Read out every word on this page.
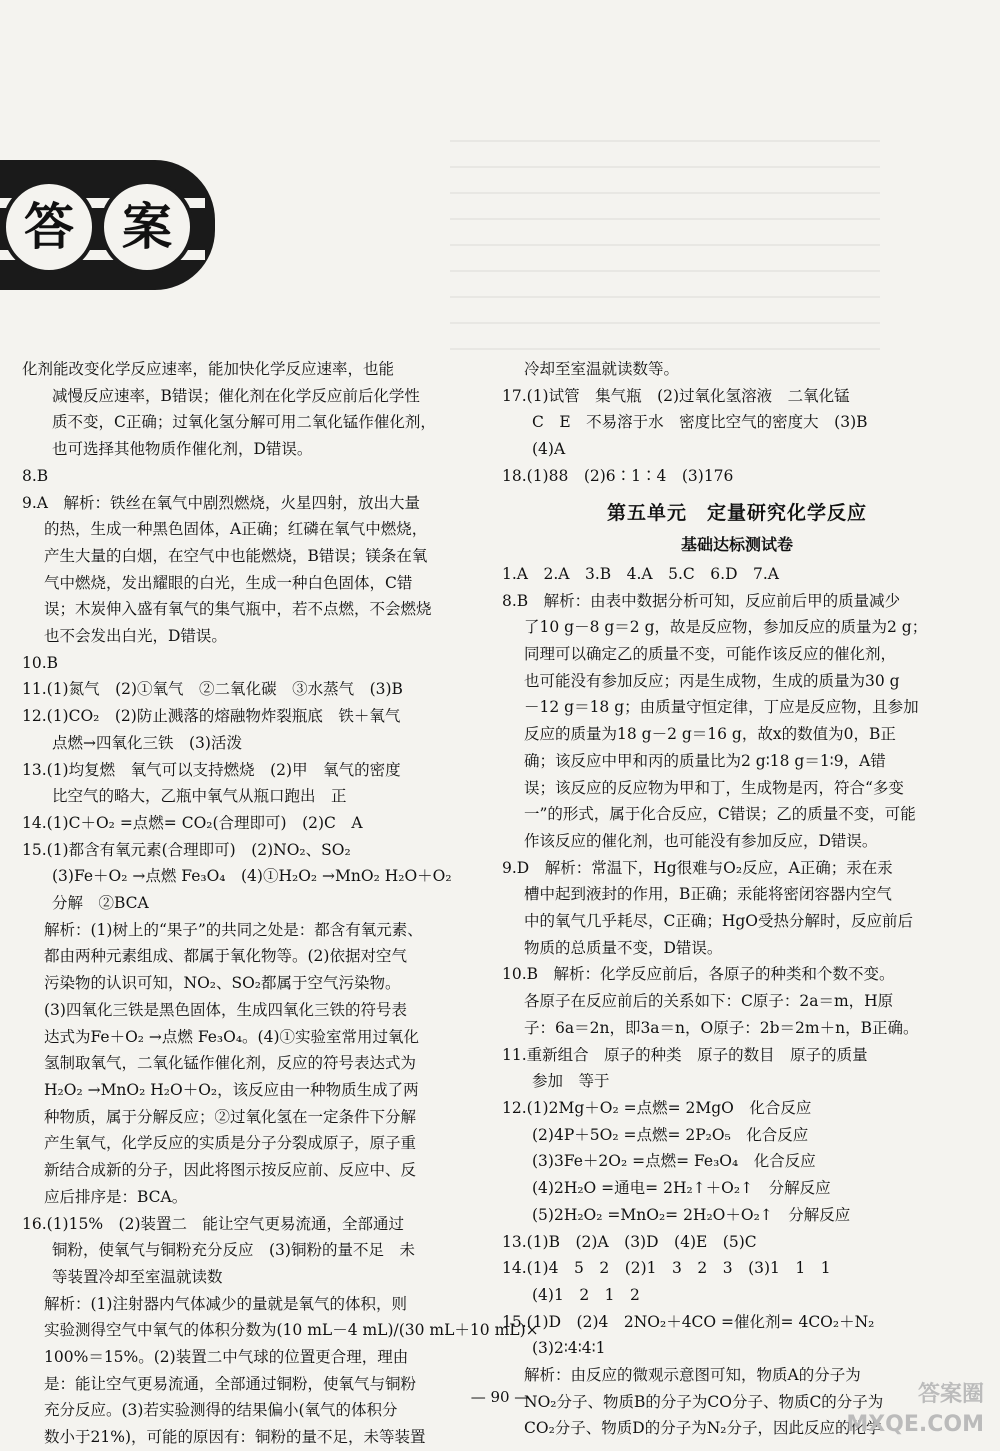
答 案
化剂能改变化学反应速率，能加快化学反应速率，也能
减慢反应速率，B错误；催化剂在化学反应前后化学性
质不变，C正确；过氧化氢分解可用二氧化锰作催化剂，
也可选择其他物质作催化剂，D错误。
8.B
9.A　解析：铁丝在氧气中剧烈燃烧，火星四射，放出大量
的热，生成一种黑色固体，A正确；红磷在氧气中燃烧，
产生大量的白烟，在空气中也能燃烧，B错误；镁条在氧
气中燃烧，发出耀眼的白光，生成一种白色固体，C错
误；木炭伸入盛有氧气的集气瓶中，若不点燃，不会燃烧
也不会发出白光，D错误。
10.B
11.(1)氮气　(2)①氧气　②二氧化碳　③水蒸气　(3)B
12.(1)CO₂　(2)防止溅落的熔融物炸裂瓶底　铁＋氧气
点燃→四氧化三铁　(3)活泼
13.(1)均复燃　氧气可以支持燃烧　(2)甲　氧气的密度
比空气的略大，乙瓶中氧气从瓶口跑出　正
14.(1)C＋O₂ =点燃= CO₂(合理即可)　(2)C　A
15.(1)都含有氧元素(合理即可)　(2)NO₂、SO₂
(3)Fe＋O₂ →点燃 Fe₃O₄　(4)①H₂O₂ →MnO₂ H₂O＋O₂
分解　②BCA
解析：(1)树上的“果子”的共同之处是：都含有氧元素、
都由两种元素组成、都属于氧化物等。(2)依据对空气
污染物的认识可知，NO₂、SO₂都属于空气污染物。
(3)四氧化三铁是黑色固体，生成四氧化三铁的符号表
达式为Fe＋O₂ →点燃 Fe₃O₄。(4)①实验室常用过氧化
氢制取氧气，二氧化锰作催化剂，反应的符号表达式为
H₂O₂ →MnO₂ H₂O＋O₂，该反应由一种物质生成了两
种物质，属于分解反应；②过氧化氢在一定条件下分解
产生氧气，化学反应的实质是分子分裂成原子，原子重
新结合成新的分子，因此将图示按反应前、反应中、反
应后排序是：BCA。
16.(1)15%　(2)装置二　能让空气更易流通，全部通过
铜粉，使氧气与铜粉充分反应　(3)铜粉的量不足　未
等装置冷却至室温就读数
解析：(1)注射器内气体减少的量就是氧气的体积，则
实验测得空气中氧气的体积分数为(10 mL－4 mL)/(30 mL＋10 mL)×
100%＝15%。(2)装置二中气球的位置更合理，理由
是：能让空气更易流通，全部通过铜粉，使氧气与铜粉
充分反应。(3)若实验测得的结果偏小(氧气的体积分
数小于21%)，可能的原因有：铜粉的量不足，未等装置
冷却至室温就读数等。
17.(1)试管　集气瓶　(2)过氧化氢溶液　二氧化锰
C　E　不易溶于水　密度比空气的密度大　(3)B
(4)A
18.(1)88　(2)6∶1∶4　(3)176
第五单元　定量研究化学反应
基础达标测试卷
1.A　2.A　3.B　4.A　5.C　6.D　7.A
8.B　解析：由表中数据分析可知，反应前后甲的质量减少
了10 g－8 g＝2 g，故是反应物，参加反应的质量为2 g；
同理可以确定乙的质量不变，可能作该反应的催化剂，
也可能没有参加反应；丙是生成物，生成的质量为30 g
－12 g＝18 g；由质量守恒定律，丁应是反应物，且参加
反应的质量为18 g－2 g＝16 g，故x的数值为0，B正
确；该反应中甲和丙的质量比为2 g∶18 g＝1∶9，A错
误；该反应的反应物为甲和丁，生成物是丙，符合“多变
一”的形式，属于化合反应，C错误；乙的质量不变，可能
作该反应的催化剂，也可能没有参加反应，D错误。
9.D　解析：常温下，Hg很难与O₂反应，A正确；汞在汞
槽中起到液封的作用，B正确；汞能将密闭容器内空气
中的氧气几乎耗尽，C正确；HgO受热分解时，反应前后
物质的总质量不变，D错误。
10.B　解析：化学反应前后，各原子的种类和个数不变。
各原子在反应前后的关系如下：C原子：2a＝m，H原
子：6a＝2n，即3a＝n，O原子：2b＝2m＋n，B正确。
11.重新组合　原子的种类　原子的数目　原子的质量
参加　等于
12.(1)2Mg＋O₂ =点燃= 2MgO　化合反应
(2)4P＋5O₂ =点燃= 2P₂O₅　化合反应
(3)3Fe＋2O₂ =点燃= Fe₃O₄　化合反应
(4)2H₂O =通电= 2H₂↑＋O₂↑　分解反应
(5)2H₂O₂ =MnO₂= 2H₂O＋O₂↑　分解反应
13.(1)B　(2)A　(3)D　(4)E　(5)C
14.(1)4　5　2　(2)1　3　2　3　(3)1　1　1
(4)1　2　1　2
15.(1)D　(2)4　2NO₂＋4CO =催化剂= 4CO₂＋N₂
(3)2∶4∶4∶1
解析：由反应的微观示意图可知，物质A的分子为
NO₂分子、物质B的分子为CO分子、物质C的分子为
CO₂分子、物质D的分子为N₂分子，因此反应的化学
— 90 —	答案圈
MXQE.COM
